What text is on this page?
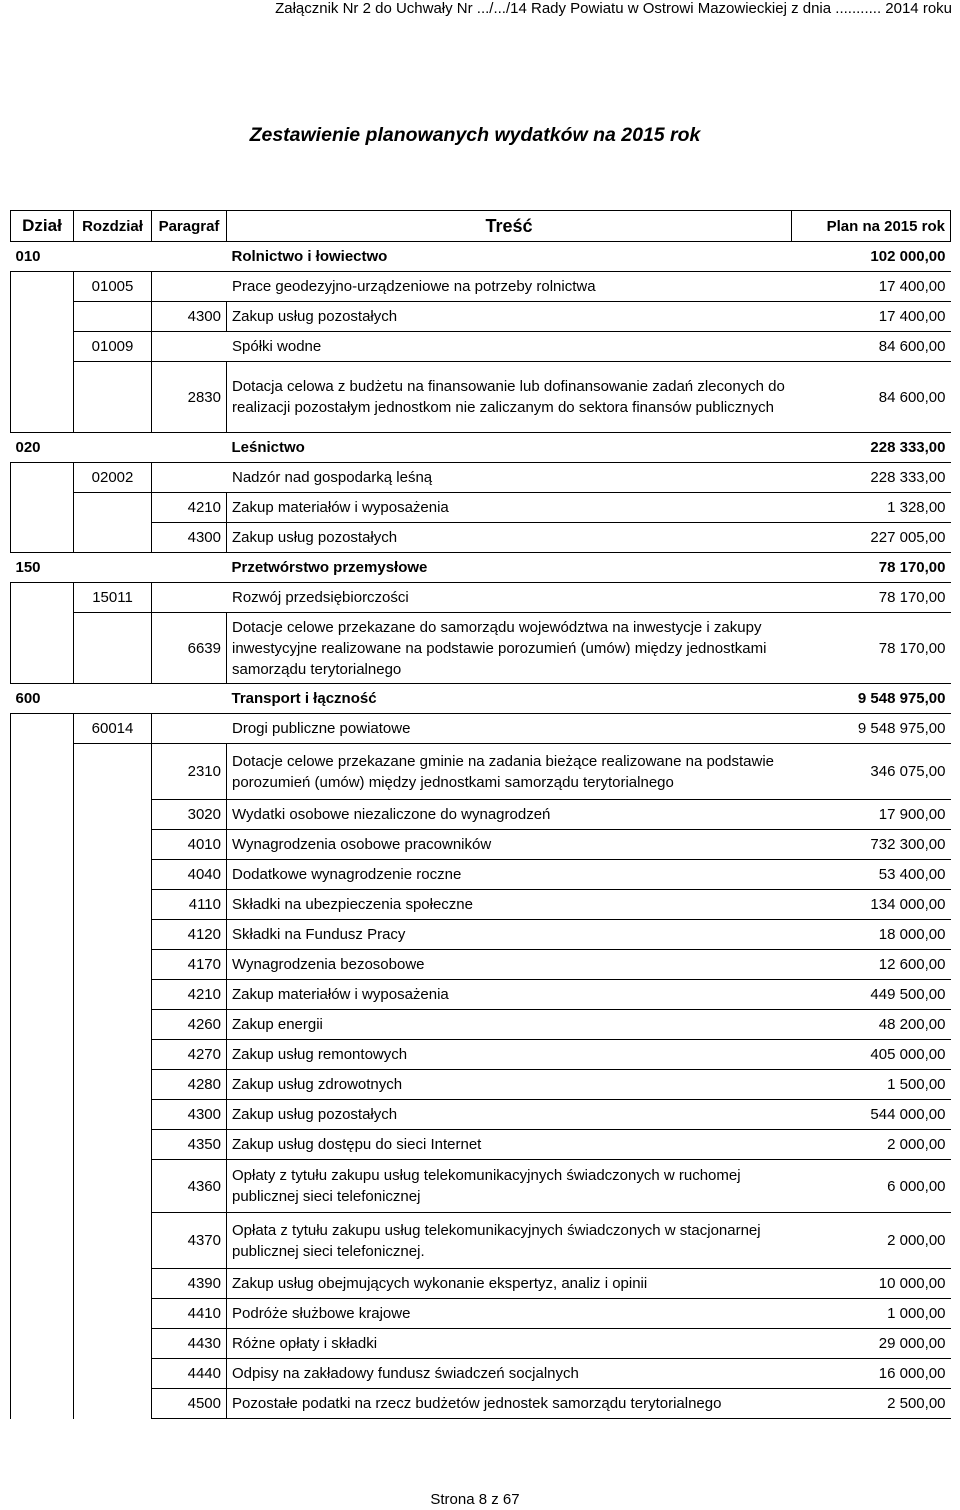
Załącznik Nr 2 do Uchwały Nr .../.../14 Rady Powiatu w Ostrowi Mazowieckiej z dnia ........... 2014 roku
Zestawienie planowanych wydatków na 2015 rok
Dział	Rozdział	Paragraf	Treść	Plan na 2015 rok
010	Rolnictwo i łowiectwo			102 000,00
	01005	Prace geodezyjno-urządzeniowe na potrzeby rolnictwa		17 400,00
		4300	Zakup usług pozostałych	17 400,00
	01009	Spółki wodne		84 600,00
		2830	Dotacja celowa z budżetu na finansowanie lub dofinansowanie zadań zleconych do realizacji pozostałym jednostkom nie zaliczanym do sektora finansów publicznych	84 600,00
020	Leśnictwo			228 333,00
	02002	Nadzór nad gospodarką leśną		228 333,00
		4210	Zakup materiałów i wyposażenia	1 328,00
		4300	Zakup usług pozostałych	227 005,00
150	Przetwórstwo przemysłowe			78 170,00
	15011	Rozwój przedsiębiorczości		78 170,00
		6639	Dotacje celowe przekazane do samorządu województwa na inwestycje i zakupy inwestycyjne realizowane na podstawie porozumień (umów) między jednostkami samorządu terytorialnego	78 170,00
600	Transport i łączność			9 548 975,00
	60014	Drogi publiczne powiatowe		9 548 975,00
		2310	Dotacje celowe przekazane gminie na zadania bieżące realizowane na podstawie porozumień (umów) między jednostkami samorządu terytorialnego	346 075,00
		3020	Wydatki osobowe niezaliczone do wynagrodzeń	17 900,00
		4010	Wynagrodzenia osobowe pracowników	732 300,00
		4040	Dodatkowe wynagrodzenie roczne	53 400,00
		4110	Składki na ubezpieczenia społeczne	134 000,00
		4120	Składki na Fundusz Pracy	18 000,00
		4170	Wynagrodzenia bezosobowe	12 600,00
		4210	Zakup materiałów i wyposażenia	449 500,00
		4260	Zakup energii	48 200,00
		4270	Zakup usług remontowych	405 000,00
		4280	Zakup usług zdrowotnych	1 500,00
		4300	Zakup usług pozostałych	544 000,00
		4350	Zakup usług dostępu do sieci Internet	2 000,00
		4360	Opłaty z tytułu zakupu usług telekomunikacyjnych świadczonych w ruchomej publicznej sieci telefonicznej	6 000,00
		4370	Opłata z tytułu zakupu usług telekomunikacyjnych świadczonych w stacjonarnej publicznej sieci telefonicznej.	2 000,00
		4390	Zakup usług obejmujących wykonanie ekspertyz, analiz i opinii	10 000,00
		4410	Podróże służbowe krajowe	1 000,00
		4430	Różne opłaty i składki	29 000,00
		4440	Odpisy na zakładowy fundusz świadczeń socjalnych	16 000,00
		4500	Pozostałe podatki na rzecz budżetów jednostek samorządu terytorialnego	2 500,00
Strona 8 z 67
